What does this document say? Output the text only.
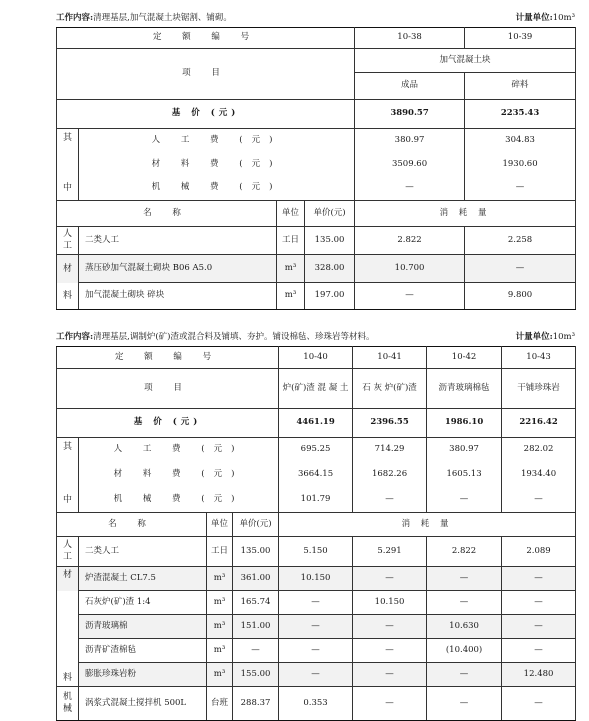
工作内容:清理基层,加气混凝土块锯割、铺砌。	计量单位:10m³
定 额 编 号				10-38	10-39
项 目				加气混凝土块	
				成品	碎料
基 价 (元)				3890.57	2235.43
其	人 工 费 (元)			380.97	304.83
	材 料 费 (元)			3509.60	1930.60
中	机 械 费 (元)			—	—
名 称		单位	单价(元)	消 耗 量	
人工	二类人工	工日	135.00	2.822	2.258
材	蒸压砂加气混凝土砌块 B06 A5.0	m³	328.00	10.700	—
料	加气混凝土砌块 碎块	m³	197.00	—	9.800
工作内容:清理基层,调制炉(矿)渣或混合料及铺填、夯护。铺设棉毡、珍珠岩等材料。	计量单位:10m³
定 额 编 号				10-40	10-41	10-42	10-43
项 目				炉(矿)渣 混 凝 土	石 灰 炉(矿)渣	沥青玻璃棉毡	干铺珍珠岩
基 价 (元)				4461.19	2396.55	1986.10	2216.42
其	人 工 费 (元)			695.25	714.29	380.97	282.02
	材 料 费 (元)			3664.15	1682.26	1605.13	1934.40
中	机 械 费 (元)			101.79	—	—	—
名 称		单位	单价(元)	消 耗 量			
人工	二类人工	工日	135.00	5.150	5.291	2.822	2.089
材	炉渣混凝土 CL7.5	m³	361.00	10.150	—	—	—
	石灰炉(矿)渣 1:4	m³	165.74	—	10.150	—	—
	沥青玻璃棉	m³	151.00	—	—	10.630	—
	沥青矿渣棉毡	m³	—	—	—	(10.400)	—
料	膨胀珍珠岩粉	m³	155.00	—	—	—	12.480
机械	涡浆式混凝土搅拌机 500L	台班	288.37	0.353	—	—	—
